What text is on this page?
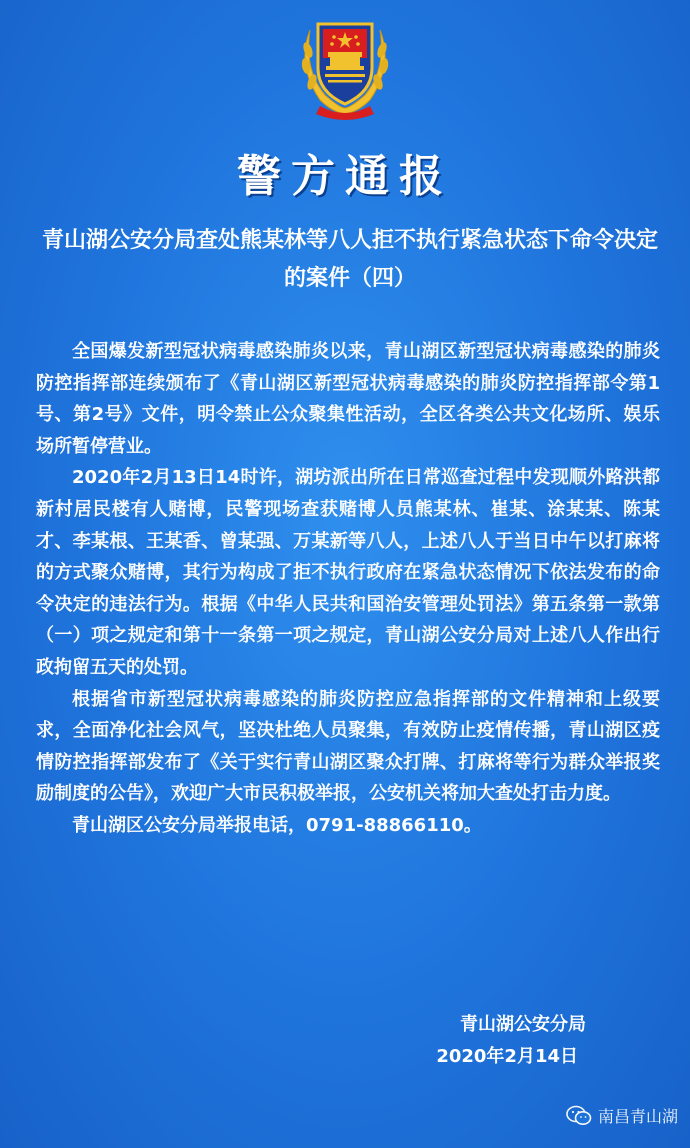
警方通报
青山湖公安分局查处熊某林等八人拒不执行紧急状态下命令决定
的案件（四）

全国爆发新型冠状病毒感染肺炎以来，青山湖区新型冠状病毒感染的肺炎防控指挥部连续颁布了《青山湖区新型冠状病毒感染的肺炎防控指挥部令第1号、第2号》文件，明令禁止公众聚集性活动，全区各类公共文化场所、娱乐场所暂停营业。

2020年2月13日14时许，湖坊派出所在日常巡查过程中发现顺外路洪都新村居民楼有人赌博，民警现场查获赌博人员熊某林、崔某、涂某某、陈某才、李某根、王某香、曾某强、万某新等八人，上述八人于当日中午以打麻将的方式聚众赌博，其行为构成了拒不执行政府在紧急状态情况下依法发布的命令决定的违法行为。根据《中华人民共和国治安管理处罚法》第五条第一款第（一）项之规定和第十一条第一项之规定，青山湖公安分局对上述八人作出行政拘留五天的处罚。

根据省市新型冠状病毒感染的肺炎防控应急指挥部的文件精神和上级要求，全面净化社会风气，坚决杜绝人员聚集，有效防止疫情传播，青山湖区疫情防控指挥部发布了《关于实行青山湖区聚众打牌、打麻将等行为群众举报奖励制度的公告》，欢迎广大市民积极举报，公安机关将加大查处打击力度。

青山湖区公安分局举报电话，0791-88866110。

青山湖公安分局
2020年2月14日
南昌青山湖
